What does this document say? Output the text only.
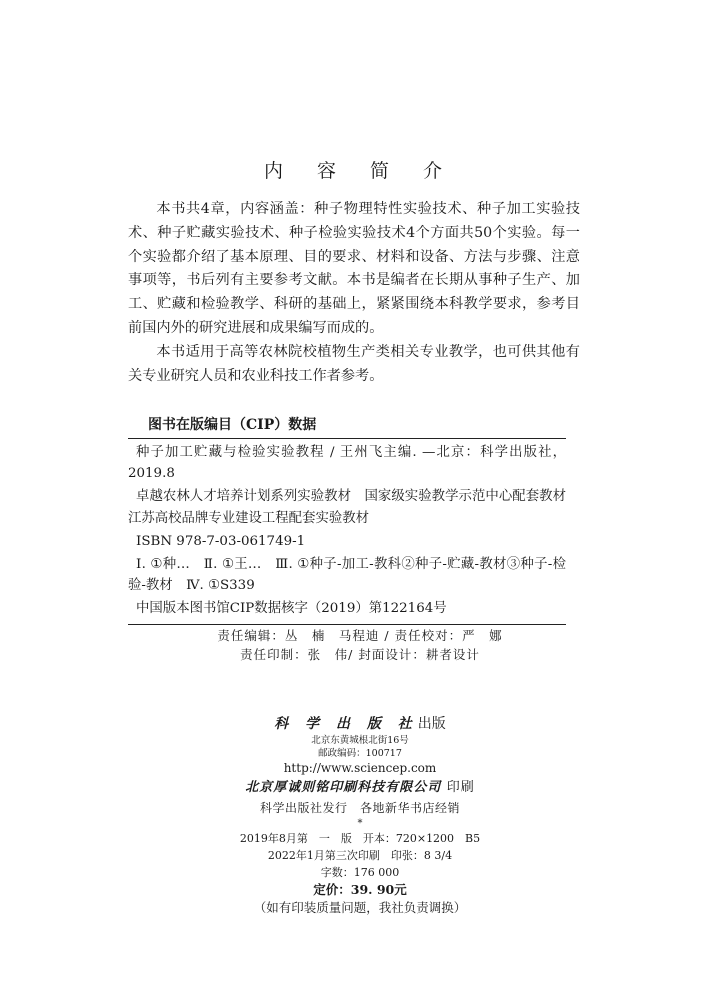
内 容 简 介

本书共4章，内容涵盖：种子物理特性实验技术、种子加工实验技术、种子贮藏实验技术、种子检验实验技术4个方面共50个实验。每一个实验都介绍了基本原理、目的要求、材料和设备、方法与步骤、注意事项等，书后列有主要参考文献。本书是编者在长期从事种子生产、加工、贮藏和检验教学、科研的基础上，紧紧围绕本科教学要求，参考目前国内外的研究进展和成果编写而成的。

本书适用于高等农林院校植物生产类相关专业教学，也可供其他有关专业研究人员和农业科技工作者参考。

图书在版编目（CIP）数据

种子加工贮藏与检验实验教程 / 王州飞主编. —北京：科学出版社，2019.8

卓越农林人才培养计划系列实验教材　国家级实验教学示范中心配套教材　江苏高校品牌专业建设工程配套实验教材

ISBN 978-7-03-061749-1

Ⅰ. ①种…　Ⅱ. ①王…　Ⅲ. ①种子-加工-教科②种子-贮藏-教材③种子-检验-教材　Ⅳ. ①S339

中国版本图书馆CIP数据核字（2019）第122164号

责任编辑：丛　楠　马程迪 / 责任校对：严　娜
责任印制：张　伟/ 封面设计：耕者设计
科 学 出 版 社出版
北京东黄城根北街16号
邮政编码：100717
http://www.sciencep.com
北京厚诚则铭印刷科技有限公司 印刷
科学出版社发行　各地新华书店经销
*
2019年8月第　一　版　开本：720×1200　B5
2022年1月第三次印刷　印张：8 3/4
字数：176 000
定价：39. 90元
（如有印装质量问题，我社负责调换）
